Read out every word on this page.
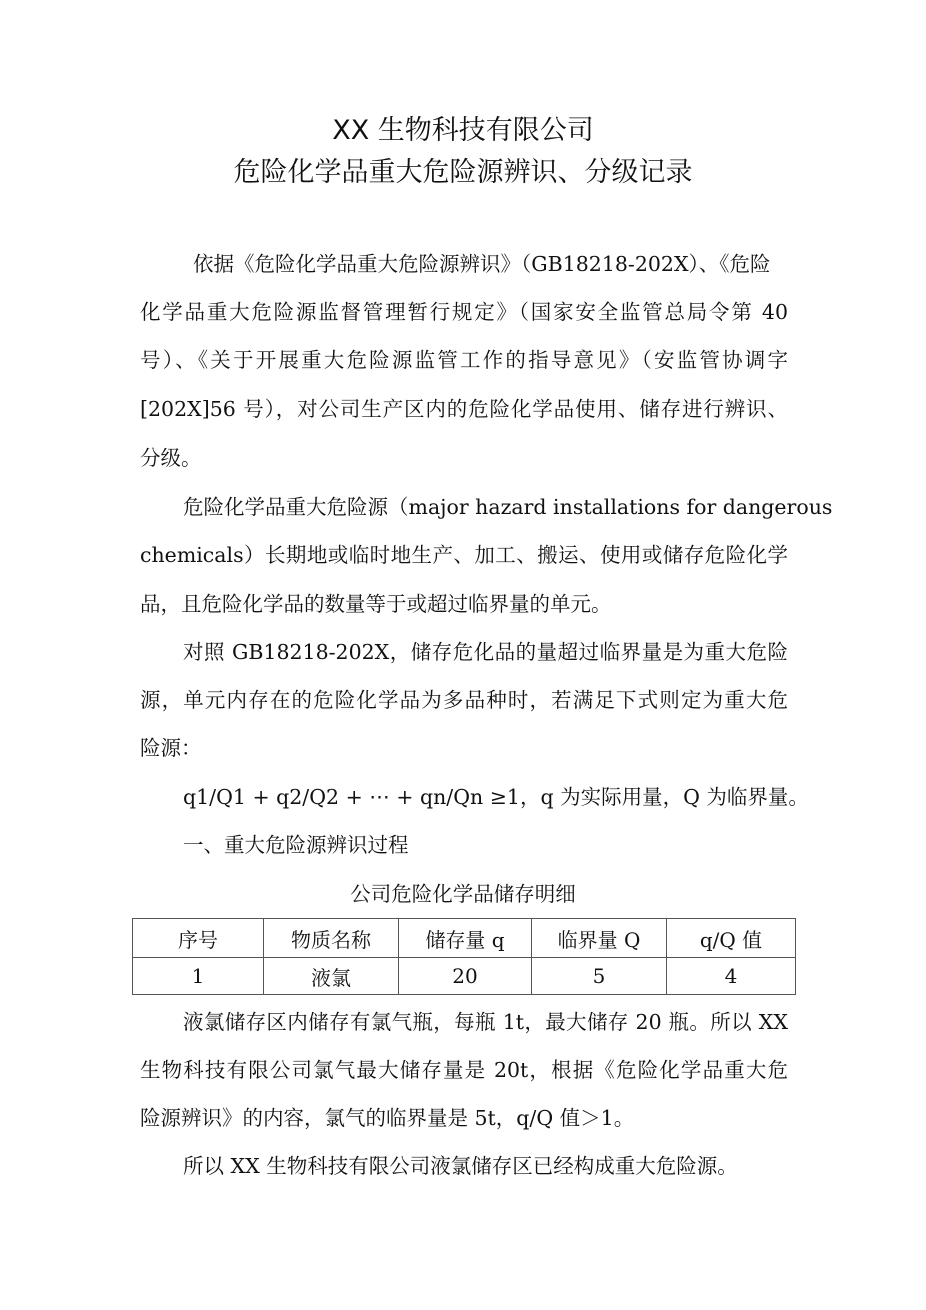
XX 生物科技有限公司
危险化学品重大危险源辨识、分级记录
依据《危险化学品重大危险源辨识》（GB18218-202X）、《危险
化学品重大危险源监督管理暂行规定》（国家安全监管总局令第 40
号）、《关于开展重大危险源监管工作的指导意见》（安监管协调字
[202X]56 号），对公司生产区内的危险化学品使用、储存进行辨识、
分级。
危险化学品重大危险源（major hazard installations for dangerous
chemicals）长期地或临时地生产、加工、搬运、使用或储存危险化学
品，且危险化学品的数量等于或超过临界量的单元。
对照 GB18218-202X，储存危化品的量超过临界量是为重大危险
源，单元内存在的危险化学品为多品种时，若满足下式则定为重大危
险源：
q1/Q1 + q2/Q2 + ⋯ + qn/Qn ≥1，q 为实际用量，Q 为临界量。
一、重大危险源辨识过程
公司危险化学品储存明细
序号	物质名称	储存量 q	临界量 Q	q/Q 值
1	液氯	20	5	4
液氯储存区内储存有氯气瓶，每瓶 1t，最大储存 20 瓶。所以 XX
生物科技有限公司氯气最大储存量是 20t，根据《危险化学品重大危
险源辨识》的内容，氯气的临界量是 5t，q/Q 值＞1。
所以 XX 生物科技有限公司液氯储存区已经构成重大危险源。
